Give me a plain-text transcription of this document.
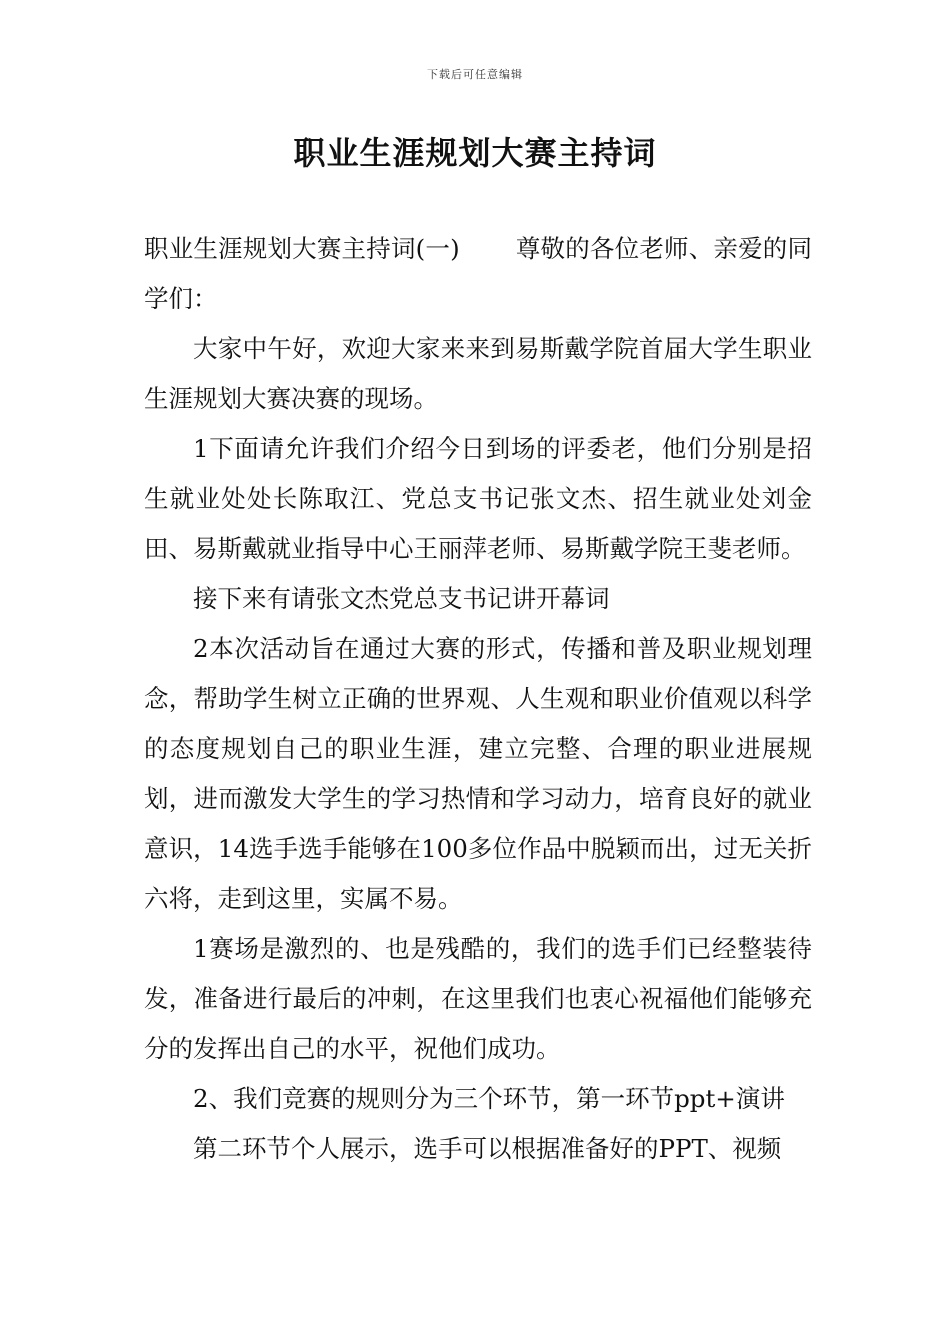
下载后可任意编辑
职业生涯规划大赛主持词

职业生涯规划大赛主持词(一) 尊敬的各位老师、亲爱的同学们：

大家中午好，欢迎大家来来到易斯戴学院首届大学生职业生涯规划大赛决赛的现场。

1下面请允许我们介绍今日到场的评委老，他们分别是招生就业处处长陈取江、党总支书记张文杰、招生就业处刘金田、易斯戴就业指导中心王丽萍老师、易斯戴学院王斐老师。

接下来有请张文杰党总支书记讲开幕词

2本次活动旨在通过大赛的形式，传播和普及职业规划理念，帮助学生树立正确的世界观、人生观和职业价值观以科学的态度规划自己的职业生涯，建立完整、合理的职业进展规划，进而激发大学生的学习热情和学习动力，培育良好的就业意识，14选手选手能够在100多位作品中脱颖而出，过无关折六将，走到这里，实属不易。

1赛场是激烈的、也是残酷的，我们的选手们已经整装待发，准备进行最后的冲刺，在这里我们也衷心祝福他们能够充分的发挥出自己的水平，祝他们成功。

2、我们竞赛的规则分为三个环节，第一环节ppt+演讲

第二环节个人展示，选手可以根据准备好的PPT、视频
